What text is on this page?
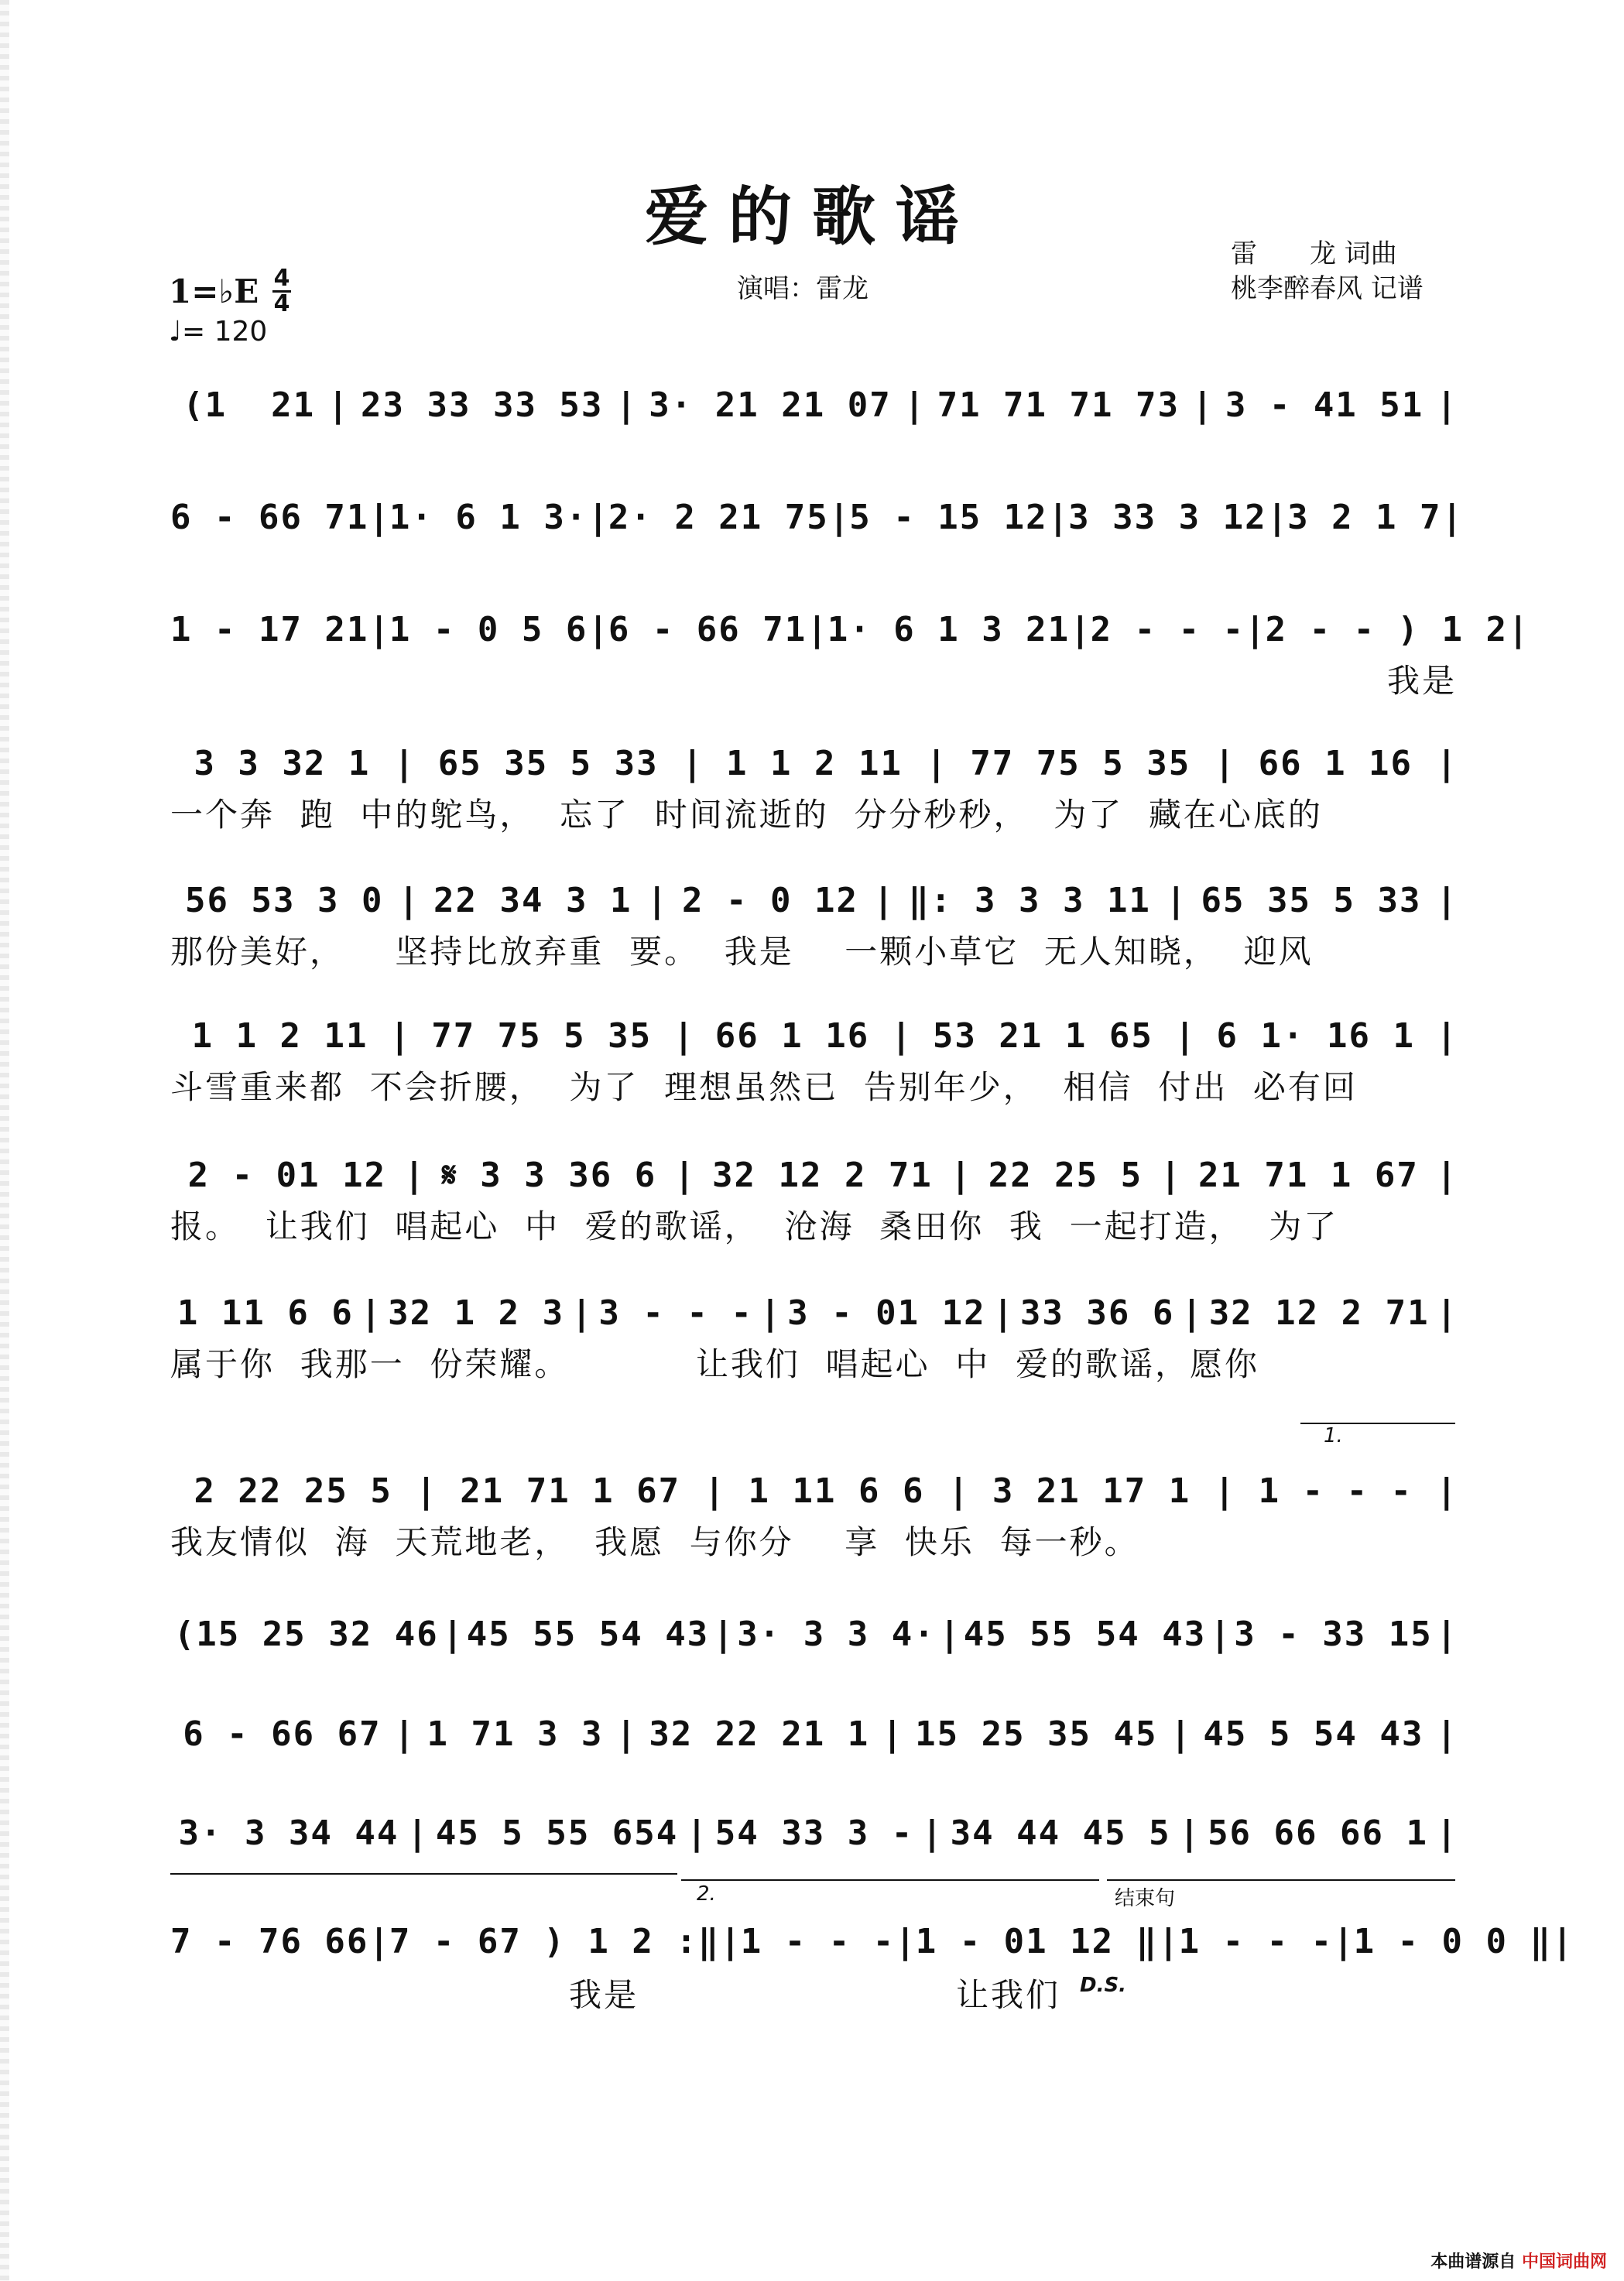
爱的歌谣
1=♭E 4
4
♩= 120
演唱：雷龙
雷　　龙 词曲
桃李醉春风 记谱
(1  21 | 23 33 33 53 | 3· 21 21 07 | 71 71 71 73 | 3 - 41 51 |
6 - 66 71 | 1· 6 1 3· | 2· 2 21 75 | 5 - 15 12 | 3 33 3 12 | 3 2 1 7 |
1 - 17 21 | 1 - 0 5 6 | 6 - 66 71 | 1· 6 1 3 21 | 2 - - - | 2 - - ) 1 2 |
我是
3 3 32 1 | 65 35 5 33 | 1 1 2 11 | 77 75 5 35 | 66 1 16 |
一个奔  跑  中的鸵鸟，  忘了  时间流逝的  分分秒秒，  为了  藏在心底的
56 53 3 0 | 22 34 3 1 | 2 - 0 12 | ‖: 3 3 3 11 | 65 35 5 33 |
那份美好，    坚持比放弃重  要。  我是    一颗小草它  无人知晓，  迎风
1 1 2 11 | 77 75 5 35 | 66 1 16 | 53 21 1 65 | 6 1· 16 1 |
斗雪重来都  不会折腰，  为了  理想虽然已  告别年少，  相信  付出  必有回
2 - 01 12 | 𝄋 3 3 36 6 | 32 12 2 71 | 22 25 5 | 21 71 1 67 |
报。  让我们  唱起心  中  爱的歌谣，  沧海  桑田你  我  一起打造，  为了
1 11 6 6 | 32 1 2 3 | 3 - - - | 3 - 01 12 | 33 36 6 | 32 12 2 71 |
属于你  我那一  份荣耀。          让我们  唱起心  中  爱的歌谣，愿你
2 22 25 5 | 21 71 1 67 | 1 11 6 6 | 3 21 17 1 | 1 - - - |
我友情似  海  天荒地老，  我愿  与你分    享  快乐  每一秒。
(15 25 32 46 | 45 55 54 43 | 3· 3 3 4· | 45 55 54 43 | 3 - 33 15 |
6 - 66 67 | 1 71 3 3 | 32 22 21 1 | 15 25 35 45 | 45 5 54 43 |
3· 3 34 44 | 45 5 55 654 | 54 33 3 - | 34 44 45 5 | 56 66 66 1 |
7 - 76 66 | 7 - 67 ) 1 2 :‖ | 1 - - - | 1 - 01 12 ‖ | 1 - - - | 1 - 0 0 ‖ |
我是	让我们 D.S.
1.
2.	结束句
本曲谱源自 中国词曲网
